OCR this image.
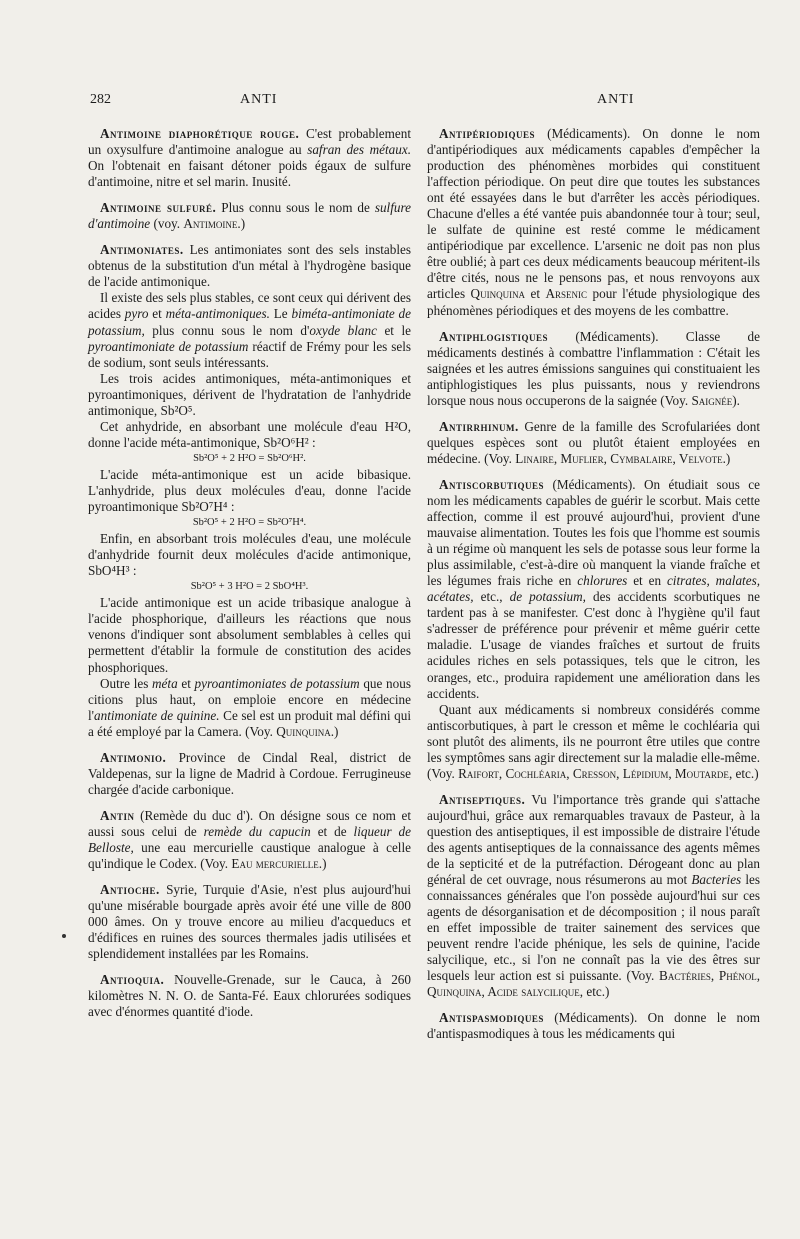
282	ANTI	ANTI

Antimoine diaphorétique rouge. C'est probablement un oxysulfure d'antimoine analogue au safran des métaux. On l'obtenait en faisant détoner poids égaux de sulfure d'antimoine, nitre et sel marin. Inusité.

Antimoine sulfuré. Plus connu sous le nom de sulfure d'antimoine (voy. Antimoine.)

Antimoniates. Les antimoniates sont des sels instables obtenus de la substitution d'un métal à l'hydrogène basique de l'acide antimonique.

Il existe des sels plus stables, ce sont ceux qui dérivent des acides pyro et méta-antimoniques. Le biméta-antimoniate de potassium, plus connu sous le nom d'oxyde blanc et le pyroantimoniate de potassium réactif de Frémy pour les sels de sodium, sont seuls intéressants.

Les trois acides antimoniques, méta-antimoniques et pyroantimoniques, dérivent de l'hydratation de l'anhydride antimonique, Sb²O⁵.

Cet anhydride, en absorbant une molécule d'eau H²O, donne l'acide méta-antimonique, Sb²O⁶H² :

Sb²O⁵ + 2 H²O = Sb²O⁶H².

L'acide méta-antimonique est un acide bibasique. L'anhydride, plus deux molécules d'eau, donne l'acide pyroantimonique Sb²O⁷H⁴ :

Sb²O⁵ + 2 H²O = Sb²O⁷H⁴.

Enfin, en absorbant trois molécules d'eau, une molécule d'anhydride fournit deux molécules d'acide antimonique, SbO⁴H³ :

Sb²O⁵ + 3 H²O = 2 SbO⁴H³.

L'acide antimonique est un acide tribasique analogue à l'acide phosphorique, d'ailleurs les réactions que nous venons d'indiquer sont absolument semblables à celles qui permettent d'établir la formule de constitution des acides phosphoriques.

Outre les méta et pyroantimoniates de potassium que nous citions plus haut, on emploie encore en médecine l'antimoniate de quinine. Ce sel est un produit mal défini qui a été employé par la Camera. (Voy. Quinquina.)

Antimonio. Province de Cindal Real, district de Valdepenas, sur la ligne de Madrid à Cordoue. Ferrugineuse chargée d'acide carbonique.

Antin (Remède du duc d'). On désigne sous ce nom et aussi sous celui de remède du capucin et de liqueur de Belloste, une eau mercurielle caustique analogue à celle qu'indique le Codex. (Voy. Eau mercurielle.)

Antioche. Syrie, Turquie d'Asie, n'est plus aujourd'hui qu'une misérable bourgade après avoir été une ville de 800 000 âmes. On y trouve encore au milieu d'acqueducs et d'édifices en ruines des sources thermales jadis utilisées et splendidement installées par les Romains.

Antioquia. Nouvelle-Grenade, sur le Cauca, à 260 kilomètres N. N. O. de Santa-Fé. Eaux chlorurées sodiques avec d'énormes quantité d'iode.

Antipériodiques (Médicaments). On donne le nom d'antipériodiques aux médicaments capables d'empêcher la production des phénomènes morbides qui constituent l'affection périodique. On peut dire que toutes les substances ont été essayées dans le but d'arrêter les accès périodiques. Chacune d'elles a été vantée puis abandonnée tour à tour; seul, le sulfate de quinine est resté comme le médicament antipériodique par excellence. L'arsenic ne doit pas non plus être oublié; à part ces deux médicaments beaucoup méritent-ils d'être cités, nous ne le pensons pas, et nous renvoyons aux articles Quinquina et Arsenic pour l'étude physiologique des phénomènes périodiques et des moyens de les combattre.

Antiphlogistiques (Médicaments). Classe de médicaments destinés à combattre l'inflammation : C'était les saignées et les autres émissions sanguines qui constituaient les antiphlogistiques les plus puissants, nous y reviendrons lorsque nous nous occuperons de la saignée (Voy. Saignée).

Antirrhinum. Genre de la famille des Scrofulariées dont quelques espèces sont ou plutôt étaient employées en médecine. (Voy. Linaire, Muflier, Cymbalaire, Velvote.)

Antiscorbutiques (Médicaments). On étudiait sous ce nom les médicaments capables de guérir le scorbut. Mais cette affection, comme il est prouvé aujourd'hui, provient d'une mauvaise alimentation. Toutes les fois que l'homme est soumis à un régime où manquent les sels de potasse sous leur forme la plus assimilable, c'est-à-dire où manquent la viande fraîche et les légumes frais riche en chlorures et en citrates, malates, acétates, etc., de potassium, des accidents scorbutiques ne tardent pas à se manifester. C'est donc à l'hygiène qu'il faut s'adresser de préférence pour prévenir et même guérir cette maladie. L'usage de viandes fraîches et surtout de fruits acidules riches en sels potassiques, tels que le citron, les oranges, etc., produira rapidement une amélioration dans les accidents.

Quant aux médicaments si nombreux considérés comme antiscorbutiques, à part le cresson et même le cochléaria qui sont plutôt des aliments, ils ne pourront être utiles que contre les symptômes sans agir directement sur la maladie elle-même. (Voy. Raifort, Cochléaria, Cresson, Lépidium, Moutarde, etc.)

Antiseptiques. Vu l'importance très grande qui s'attache aujourd'hui, grâce aux remarquables travaux de Pasteur, à la question des antiseptiques, il est impossible de distraire l'étude des agents antiseptiques de la connaissance des agents mêmes de la septicité et de la putréfaction. Dérogeant donc au plan général de cet ouvrage, nous résumerons au mot Bacteries les connaissances générales que l'on possède aujourd'hui sur ces agents de désorganisation et de décomposition ; il nous paraît en effet impossible de traiter sainement des services que peuvent rendre l'acide phénique, les sels de quinine, l'acide salycilique, etc., si l'on ne connaît pas la vie des êtres sur lesquels leur action est si puissante. (Voy. Bactéries, Phénol, Quinquina, Acide salycilique, etc.)

Antispasmodiques (Médicaments). On donne le nom d'antispasmodiques à tous les médicaments qui
